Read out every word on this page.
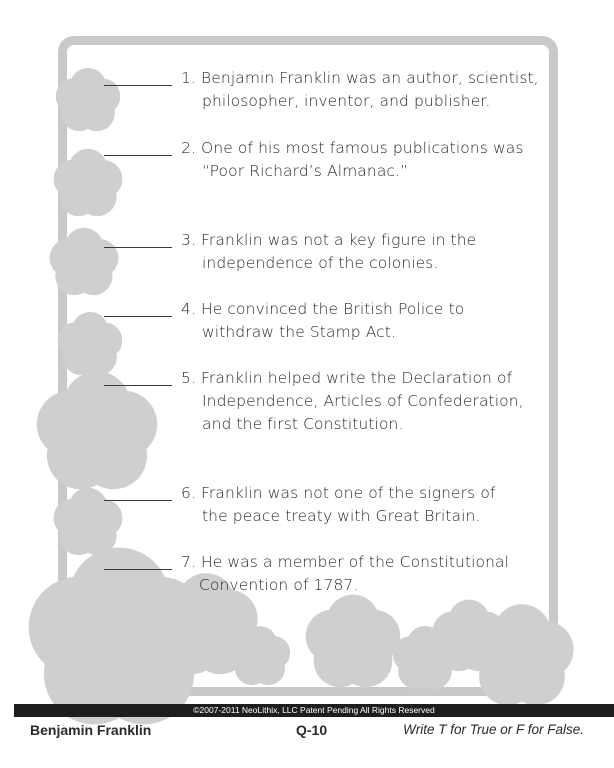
1. Benjamin Franklin was an author, scientist,
philosopher, inventor, and publisher.
2. One of his most famous publications was
“Poor Richard’s Almanac.”
3. Franklin was not a key figure in the
independence of the colonies.
4. He convinced the British Police to
withdraw the Stamp Act.
5. Franklin helped write the Declaration of
Independence, Articles of Confederation,
and the first Constitution.
6. Franklin was not one of the signers of
the peace treaty with Great Britain.
7. He was a member of the Constitutional
Convention of 1787.
©2007-2011 NeoLithix, LLC Patent Pending All Rights Reserved
Benjamin Franklin	Q-10	Write T for True or F for False.
